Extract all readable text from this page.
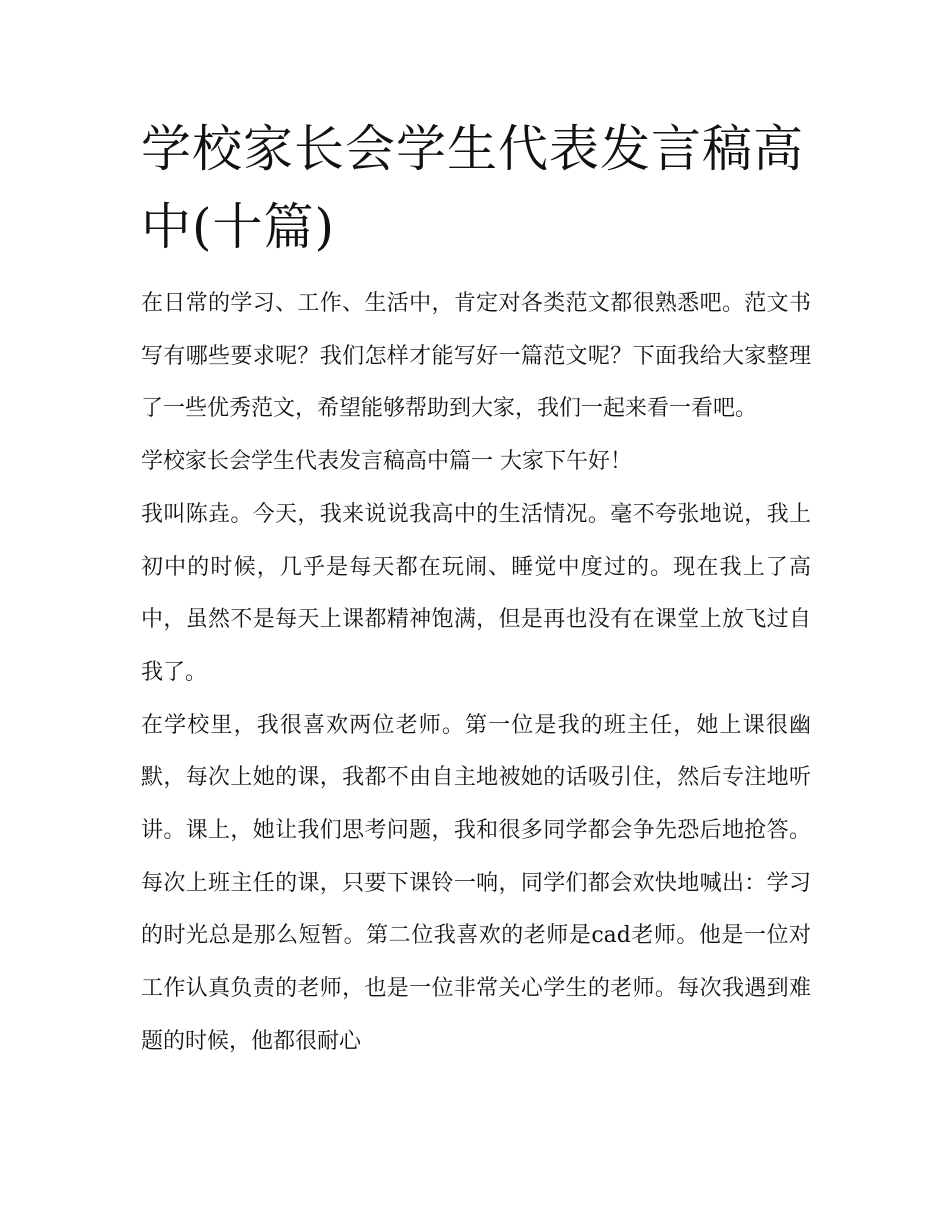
学校家长会学生代表发言稿高中(十篇)

在日常的学习、工作、生活中，肯定对各类范文都很熟悉吧。范文书写有哪些要求呢？我们怎样才能写好一篇范文呢？下面我给大家整理了一些优秀范文，希望能够帮助到大家，我们一起来看一看吧。

学校家长会学生代表发言稿高中篇一 大家下午好！

我叫陈垚。今天，我来说说我高中的生活情况。毫不夸张地说，我上初中的时候，几乎是每天都在玩闹、睡觉中度过的。现在我上了高中，虽然不是每天上课都精神饱满，但是再也没有在课堂上放飞过自我了。

在学校里，我很喜欢两位老师。第一位是我的班主任，她上课很幽默，每次上她的课，我都不由自主地被她的话吸引住，然后专注地听讲。课上，她让我们思考问题，我和很多同学都会争先恐后地抢答。每次上班主任的课，只要下课铃一响，同学们都会欢快地喊出：学习的时光总是那么短暂。第二位我喜欢的老师是cad老师。他是一位对工作认真负责的老师，也是一位非常关心学生的老师。每次我遇到难题的时候，他都很耐心
